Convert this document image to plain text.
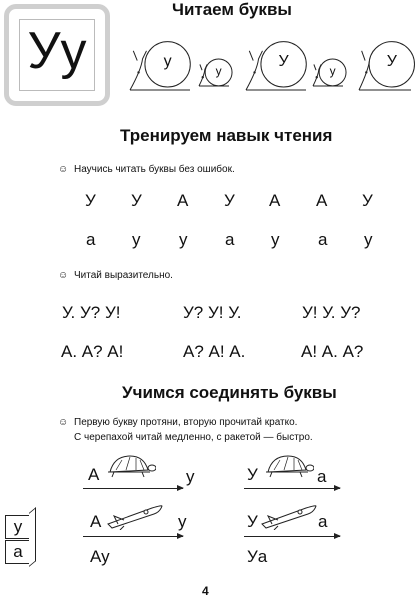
Уу
Читаем буквы
у
у
У
у
У
Тренируем навык чтения
☺ Научись читать буквы без ошибок.
У У А У А А У
а у у а у а у
☺ Читай выразительно.
У. У? У!	У? У! У.	У! У. У?
А. А? А!	А? А! А.	А! А. А?
Учимся соединять буквы
☺ Первую букву протяни, вторую прочитай кратко.
С черепахой читай медленно, с ракетой — быстро.
А	у
А	у
Ау
У	а
У	а
Уа
у
а
4
